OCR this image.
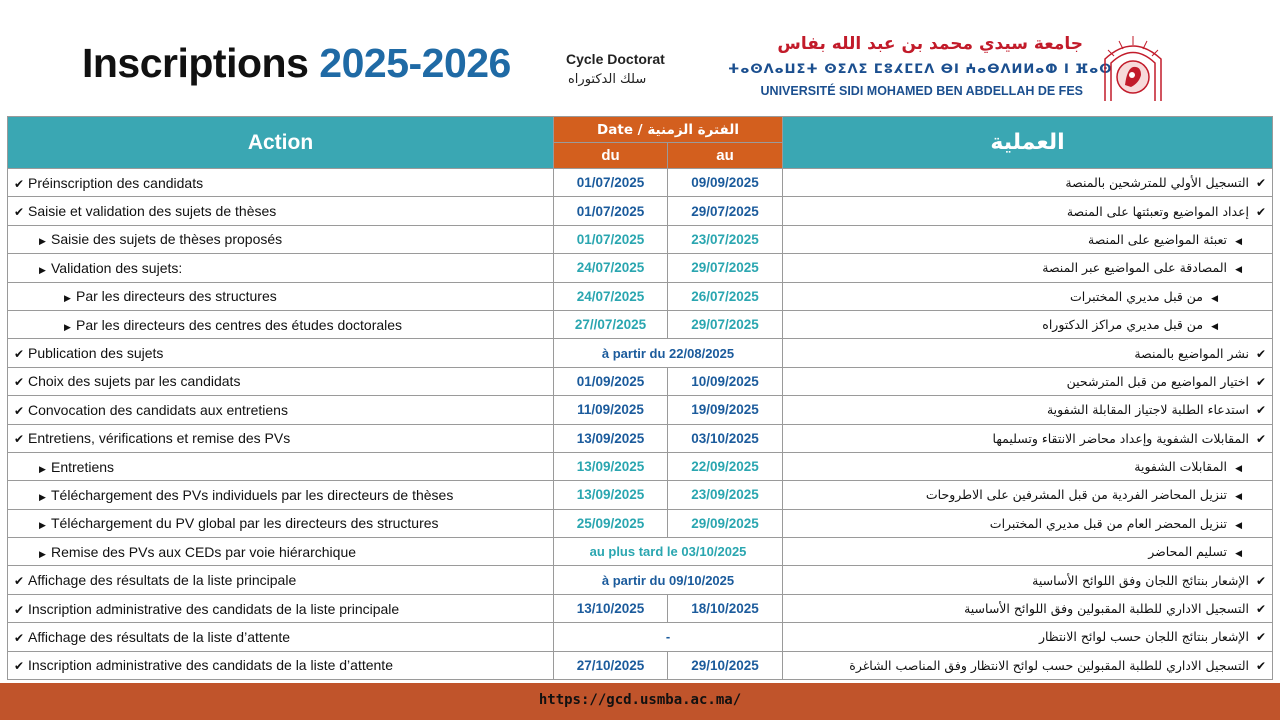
Inscriptions 2025-2026	Cycle Doctorat
سلك الدكتوراه
جامعة سيدي محمد بن عبد الله بفاس
ⵜⴰⵙⴷⴰⵡⵉⵜ ⵙⵉⴷⵉ ⵎⵓⵃⵎⵎⴷ ⴱⵏ ⵄⴰⴱⴷⵍⵍⴰⵀ ⵏ ⴼⴰⵙ
UNIVERSITÉ SIDI MOHAMED BEN ABDELLAH DE FES
Action	Date / الفترة الزمنية		العملية
	du	au	
✔ Préinscription des candidats	01/07/2025	09/09/2025	✔التسجيل الأولي للمترشحين بالمنصة
✔ Saisie et validation des sujets de thèses	01/07/2025	29/07/2025	✔إعداد المواضيع وتعبئتها على المنصة
▶ Saisie des sujets de thèses proposés	01/07/2025	23/07/2025	◀تعبئة المواضيع على المنصة
▶ Validation des sujets:	24/07/2025	29/07/2025	◀المصادقة على المواضيع عبر المنصة
▶ Par les directeurs des structures	24/07/2025	26/07/2025	◀من قبل مديري المختبرات
▶ Par les directeurs des centres des études doctorales	27//07/2025	29/07/2025	◀من قبل مديري مراكز الدكتوراه
✔ Publication des sujets	à partir du 22/08/2025		✔نشر المواضيع بالمنصة
✔ Choix des sujets par les candidats	01/09/2025	10/09/2025	✔اختيار المواضيع من قبل المترشحين
✔ Convocation des candidats aux entretiens	11/09/2025	19/09/2025	✔استدعاء الطلبة لاجتياز المقابلة الشفوية
✔ Entretiens, vérifications et remise des PVs	13/09/2025	03/10/2025	✔المقابلات الشفوية وإعداد محاضر الانتقاء وتسليمها
▶ Entretiens	13/09/2025	22/09/2025	◀المقابلات الشفوية
▶ Téléchargement des PVs individuels par les directeurs de thèses	13/09/2025	23/09/2025	◀تنزيل المحاضر الفردية من قبل المشرفين على الاطروحات
▶ Téléchargement du PV global par les directeurs des structures	25/09/2025	29/09/2025	◀تنزيل المحضر العام من قبل مديري المختبرات
▶ Remise des PVs aux CEDs par voie hiérarchique	au plus tard le 03/10/2025		◀تسليم المحاضر
✔ Affichage des résultats de la liste principale	à partir du 09/10/2025		✔الإشعار بنتائج اللجان وفق اللوائح الأساسية
✔ Inscription administrative des candidats de la liste principale	13/10/2025	18/10/2025	✔التسجيل الاداري للطلبة المقبولين وفق اللوائح الأساسية
✔ Affichage des résultats de la liste d’attente	-		✔الإشعار بنتائج اللجان حسب لوائح الانتظار
✔ Inscription administrative des candidats de la liste d’attente	27/10/2025	29/10/2025	✔التسجيل الاداري للطلبة المقبولين حسب لوائح الانتظار وفق المناصب الشاغرة
https://gcd.usmba.ac.ma/
